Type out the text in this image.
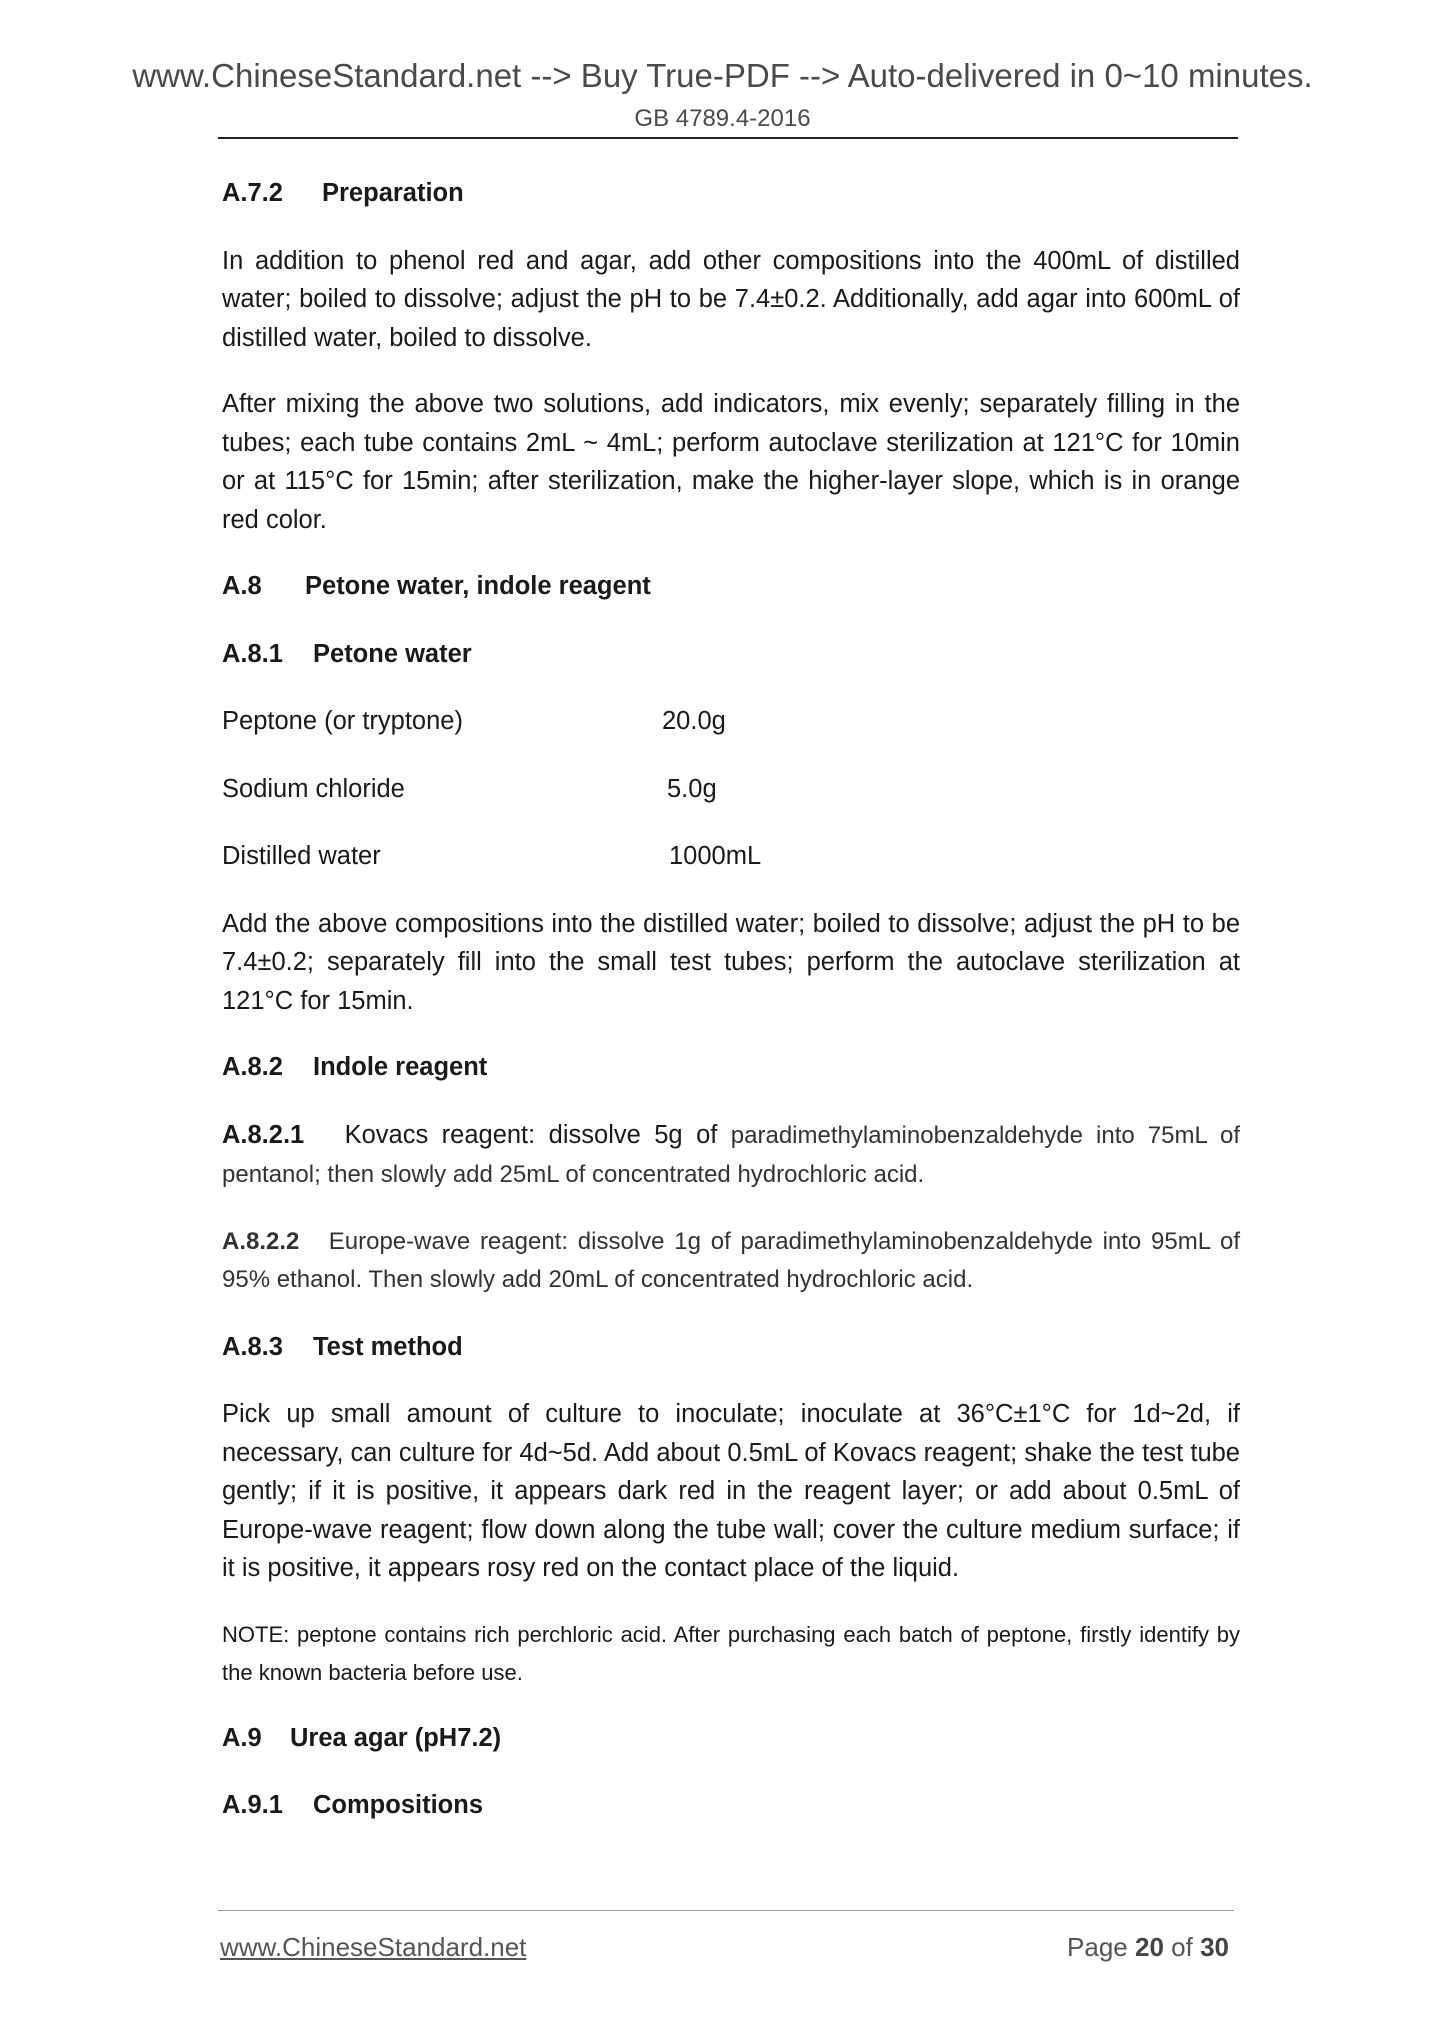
www.ChineseStandard.net --> Buy True-PDF --> Auto-delivered in 0~10 minutes.
GB 4789.4-2016
A.7.2 Preparation
In addition to phenol red and agar, add other compositions into the 400mL of distilled water; boiled to dissolve; adjust the pH to be 7.4±0.2. Additionally, add agar into 600mL of distilled water, boiled to dissolve.
After mixing the above two solutions, add indicators, mix evenly; separately filling in the tubes; each tube contains 2mL ~ 4mL; perform autoclave sterilization at 121°C for 10min or at 115°C for 15min; after sterilization, make the higher-layer slope, which is in orange red color.
A.8 Petone water, indole reagent
A.8.1 Petone water
Peptone (or tryptone)	20.0g
Sodium chloride	5.0g
Distilled water	1000mL
Add the above compositions into the distilled water; boiled to dissolve; adjust the pH to be 7.4±0.2; separately fill into the small test tubes; perform the autoclave sterilization at 121°C for 15min.
A.8.2 Indole reagent
A.8.2.1 Kovacs reagent: dissolve 5g of paradimethylaminobenzaldehyde into 75mL of pentanol; then slowly add 25mL of concentrated hydrochloric acid.
A.8.2.2 Europe-wave reagent: dissolve 1g of paradimethylaminobenzaldehyde into 95mL of 95% ethanol. Then slowly add 20mL of concentrated hydrochloric acid.
A.8.3 Test method
Pick up small amount of culture to inoculate; inoculate at 36°C±1°C for 1d~2d, if necessary, can culture for 4d~5d. Add about 0.5mL of Kovacs reagent; shake the test tube gently; if it is positive, it appears dark red in the reagent layer; or add about 0.5mL of Europe-wave reagent; flow down along the tube wall; cover the culture medium surface; if it is positive, it appears rosy red on the contact place of the liquid.
NOTE: peptone contains rich perchloric acid. After purchasing each batch of peptone, firstly identify by the known bacteria before use.
A.9 Urea agar (pH7.2)
A.9.1 Compositions
www.ChineseStandard.net	Page 20 of 30
